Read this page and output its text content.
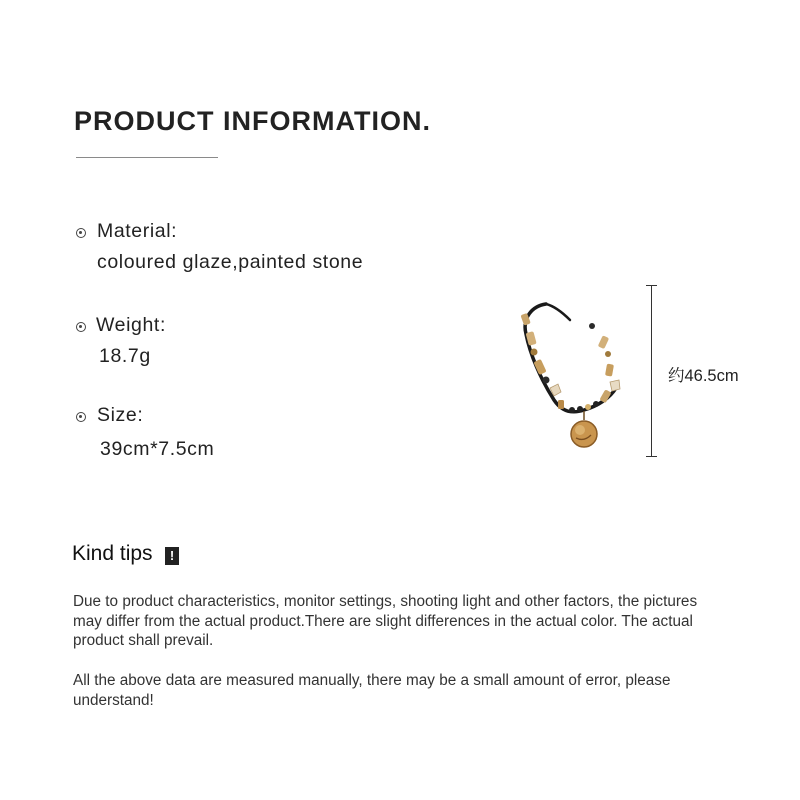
PRODUCT INFORMATION.
Material:
coloured glaze,painted stone
Weight:
18.7g
Size:
39cm*7.5cm
约46.5cm
Kind tips	!

Due to product characteristics, monitor settings, shooting light and other factors, the pictures may differ from the actual product.There are slight differences in the actual color. The actual product shall prevail.

All the above data are measured manually, there may be a small amount of error, please understand!
